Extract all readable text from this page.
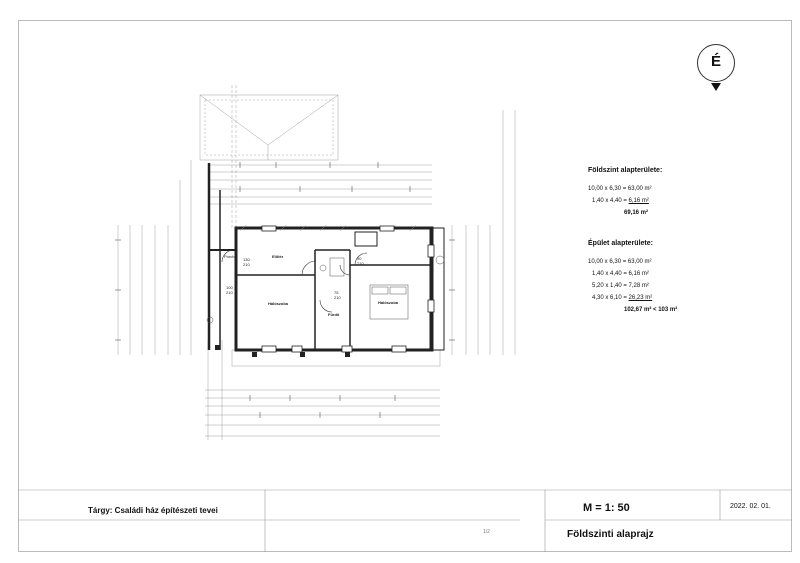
Porch
130
210
Előtér
Hálószoba	Hálószoba
Fürdő
100
210
90
210
75
210
É
Földszint alapterülete:
10,00 x 6,30 = 63,00 m²
1,40 x 4,40 = 6,16 m²
69,16 m²
Épület alapterülete:
10,00 x 6,30 = 63,00 m²
1,40 x 4,40 = 6,16 m²
5,20 x 1,40 = 7,28 m²
4,30 x 6,10 = 26,23 m²
102,67 m² < 103 m²
Tárgy: Családi ház építészeti tevei	M = 1: 50	2022. 02. 01.
Földszinti alaprajz
1/2
